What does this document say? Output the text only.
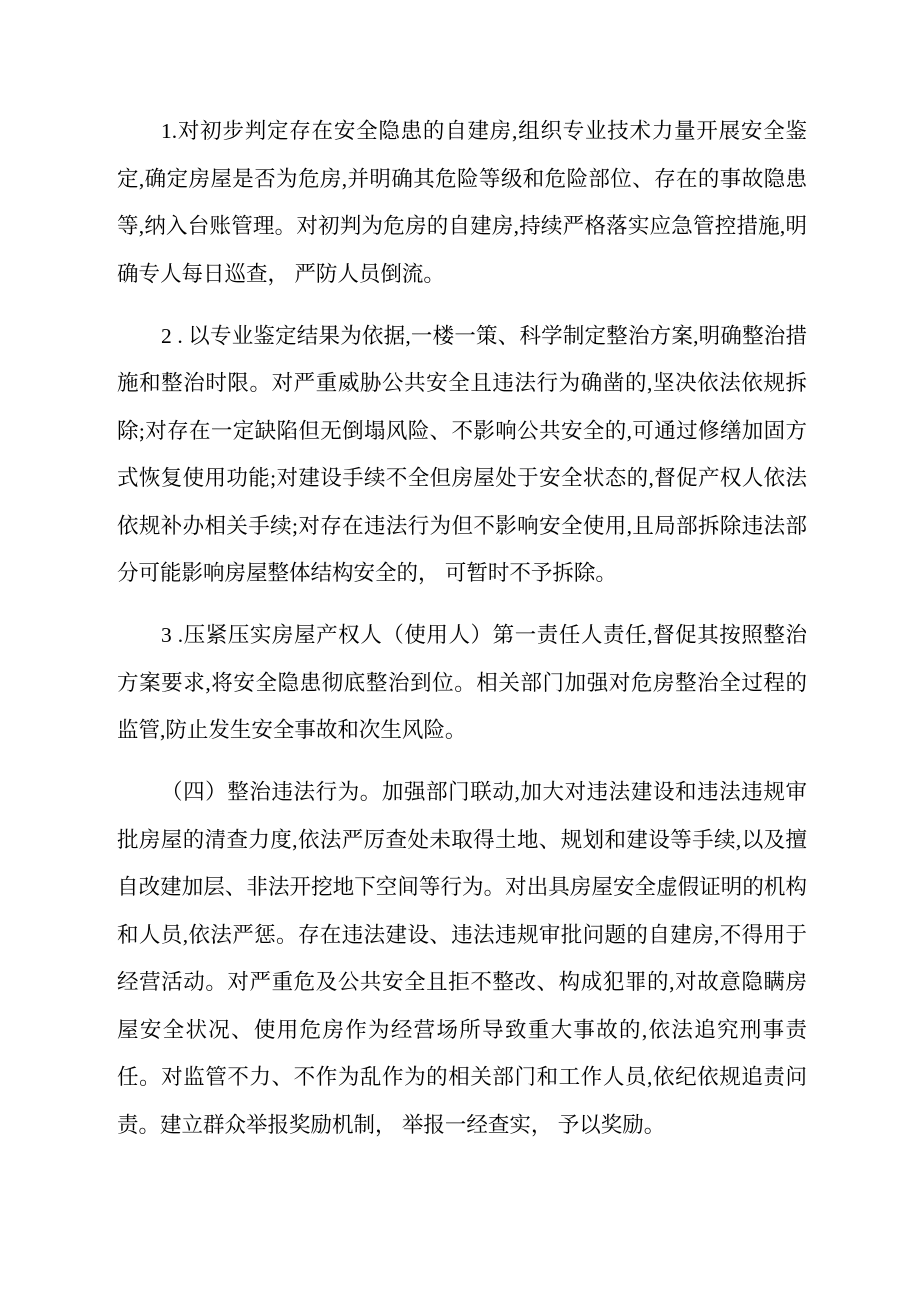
1.对初步判定存在安全隐患的自建房,组织专业技术力量开展安全鉴定,确定房屋是否为危房,并明确其危险等级和危险部位、存在的事故隐患等,纳入台账管理。对初判为危房的自建房,持续严格落实应急管控措施,明确专人每日巡查， 严防人员倒流。

2 . 以专业鉴定结果为依据,一楼一策、科学制定整治方案,明确整治措施和整治时限。对严重威胁公共安全且违法行为确凿的,坚决依法依规拆除;对存在一定缺陷但无倒塌风险、不影响公共安全的,可通过修缮加固方式恢复使用功能;对建设手续不全但房屋处于安全状态的,督促产权人依法依规补办相关手续;对存在违法行为但不影响安全使用,且局部拆除违法部分可能影响房屋整体结构安全的， 可暂时不予拆除。

3 .压紧压实房屋产权人（使用人）第一责任人责任,督促其按照整治方案要求,将安全隐患彻底整治到位。相关部门加强对危房整治全过程的监管,防止发生安全事故和次生风险。

（四）整治违法行为。加强部门联动,加大对违法建设和违法违规审批房屋的清查力度,依法严厉查处未取得土地、规划和建设等手续,以及擅自改建加层、非法开挖地下空间等行为。对出具房屋安全虚假证明的机构和人员,依法严惩。存在违法建设、违法违规审批问题的自建房,不得用于经营活动。对严重危及公共安全且拒不整改、构成犯罪的,对故意隐瞒房屋安全状况、使用危房作为经营场所导致重大事故的,依法追究刑事责任。对监管不力、不作为乱作为的相关部门和工作人员,依纪依规追责问责。建立群众举报奖励机制， 举报一经查实， 予以奖励。
